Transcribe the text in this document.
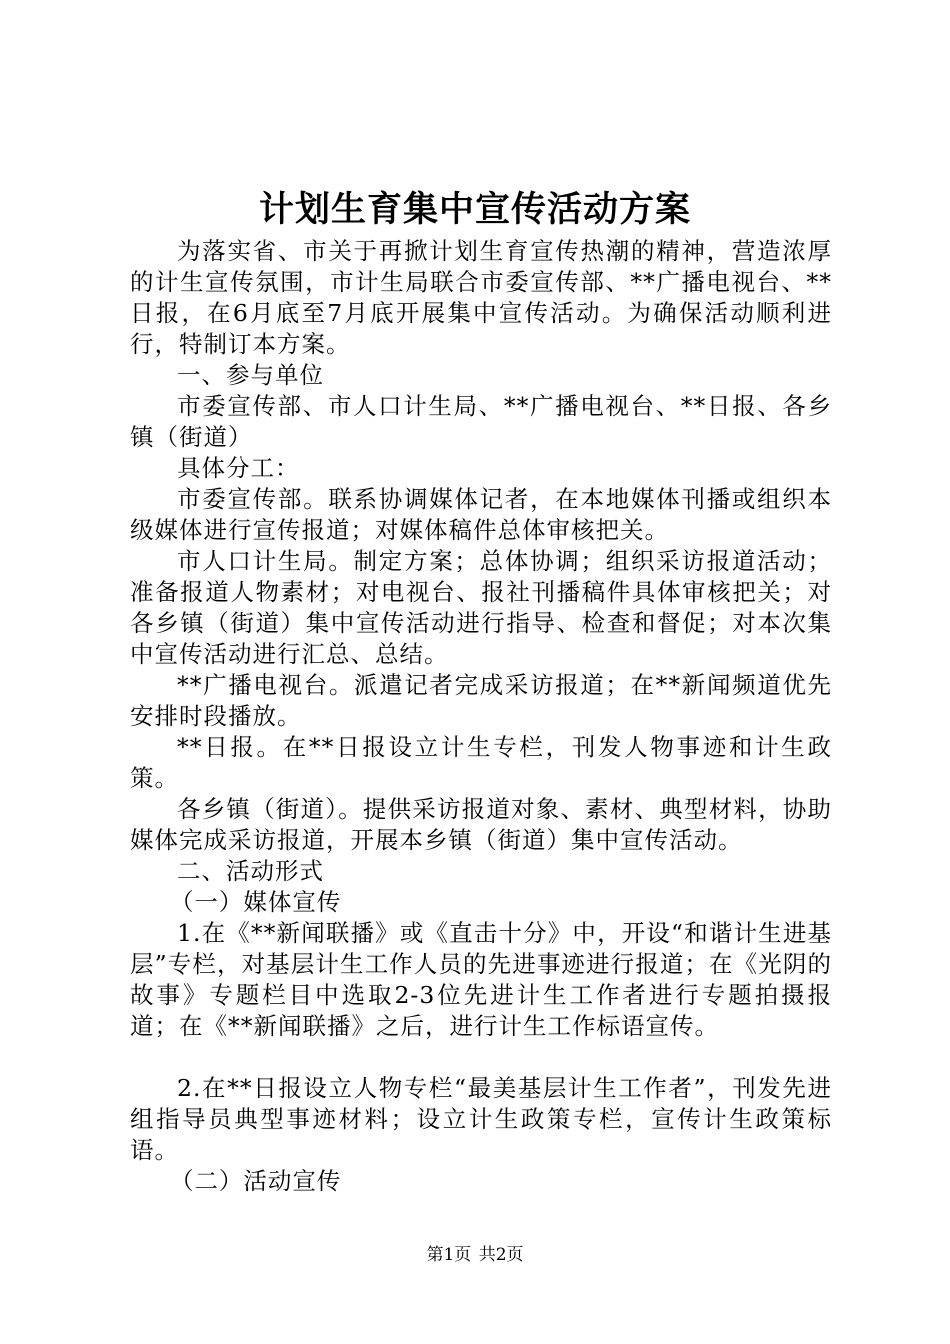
计划生育集中宣传活动方案

为落实省、市关于再掀计划生育宣传热潮的精神，营造浓厚的计生宣传氛围，市计生局联合市委宣传部、**广播电视台、**日报，在6月底至7月底开展集中宣传活动。为确保活动顺利进行，特制订本方案。

一、参与单位

市委宣传部、市人口计生局、**广播电视台、**日报、各乡镇（街道）

具体分工：

市委宣传部。联系协调媒体记者，在本地媒体刊播或组织本级媒体进行宣传报道；对媒体稿件总体审核把关。

市人口计生局。制定方案；总体协调；组织采访报道活动；准备报道人物素材；对电视台、报社刊播稿件具体审核把关；对各乡镇（街道）集中宣传活动进行指导、检查和督促；对本次集中宣传活动进行汇总、总结。

**广播电视台。派遣记者完成采访报道；在**新闻频道优先安排时段播放。

**日报。在**日报设立计生专栏，刊发人物事迹和计生政策。

各乡镇（街道）。提供采访报道对象、素材、典型材料，协助媒体完成采访报道，开展本乡镇（街道）集中宣传活动。

二、活动形式

（一）媒体宣传

1.在《**新闻联播》或《直击十分》中，开设“和谐计生进基层”专栏，对基层计生工作人员的先进事迹进行报道；在《光阴的故事》专题栏目中选取2-3位先进计生工作者进行专题拍摄报道；在《**新闻联播》之后，进行计生工作标语宣传。

2.在**日报设立人物专栏“最美基层计生工作者”，刊发先进组指导员典型事迹材料；设立计生政策专栏，宣传计生政策标语。

（二）活动宣传

第1页 共2页
